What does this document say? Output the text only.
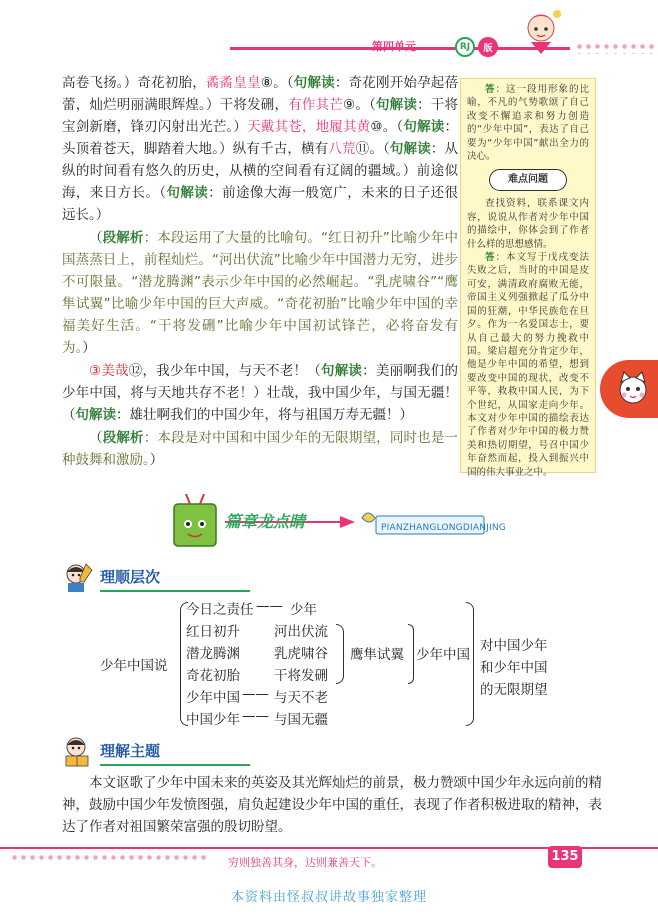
第四单元	RJ	版

高卷飞扬。）奇花初胎，矞矞皇皇⑧。（句解读：奇花刚开始孕起蓓蕾，灿烂明丽满眼辉煌。）干将发硎，有作其芒⑨。（句解读：干将宝剑新磨，锋刃闪射出光芒。）天戴其苍，地履其黄⑩。（句解读：头顶着苍天，脚踏着大地。）纵有千古，横有八荒⑪。（句解读：从纵的时间看有悠久的历史，从横的空间看有辽阔的疆域。）前途似海，来日方长。（句解读：前途像大海一般宽广，未来的日子还很远长。）

（段解析：本段运用了大量的比喻句。“红日初升”比喻少年中国蒸蒸日上，前程灿烂。“河出伏流”比喻少年中国潜力无穷，进步不可限量。“潜龙腾渊”表示少年中国的必然崛起。“乳虎啸谷”“鹰隼试翼”比喻少年中国的巨大声威。“奇花初胎”比喻少年中国的幸福美好生活。“干将发硎”比喻少年中国初试锋芒，必将奋发有为。）

③美哉⑫，我少年中国，与天不老！（句解读：美丽啊我们的少年中国，将与天地共存不老！）壮哉，我中国少年，与国无疆！（句解读：雄壮啊我们的中国少年，将与祖国万寿无疆！）

（段解析：本段是对中国和中国少年的无限期望，同时也是一种鼓舞和激励。）

答：这一段用形象的比喻，不凡的气势歌颂了自己改变不懈追求和努力创造的“少年中国”，表达了自己要为“少年中国”献出全力的决心。
难点问题
查找资料，联系课文内容，说说从作者对少年中国的描绘中，你体会到了作者什么样的思想感情。
答：本文写于戊戌变法失败之后，当时的中国是皮可安，满清政府腐败无能，帝国主义列强掀起了瓜分中国的狂潮，中华民族危在旦夕。作为一名爱国志士，要从自己最大的努力挽救中国。梁启超充分肯定少年，他是少年中国的希望，想到要改变中国的现状，改变不平等，救救中国人民，为下个世纪，从国家走向少年。本文对少年中国的描绘表达了作者对少年中国的极力赞美和热切期望，号召中国少年奋然而起，投入到振兴中国的伟大事业之中。
篇章龙点睛	PIANZHANGLONGDIANJING
理顺层次
少年中国说
今日之责任 —— 少年
红日初升	河出伏流
潜龙腾渊	乳虎啸谷
奇花初胎	干将发硎
少年中国 —— 与天不老
中国少年 —— 与国无疆
鹰隼试翼 少年中国
对中国少年
和少年中国
的无限期望
理解主题
本文讴歌了少年中国未来的英姿及其光辉灿烂的前景，极力赞颂中国少年永远向前的精神，鼓励中国少年发愤图强，肩负起建设少年中国的重任，表现了作者积极进取的精神，表达了作者对祖国繁荣富强的殷切盼望。
穷则独善其身，达则兼善天下。	135
本资料由怪叔叔讲故事独家整理
